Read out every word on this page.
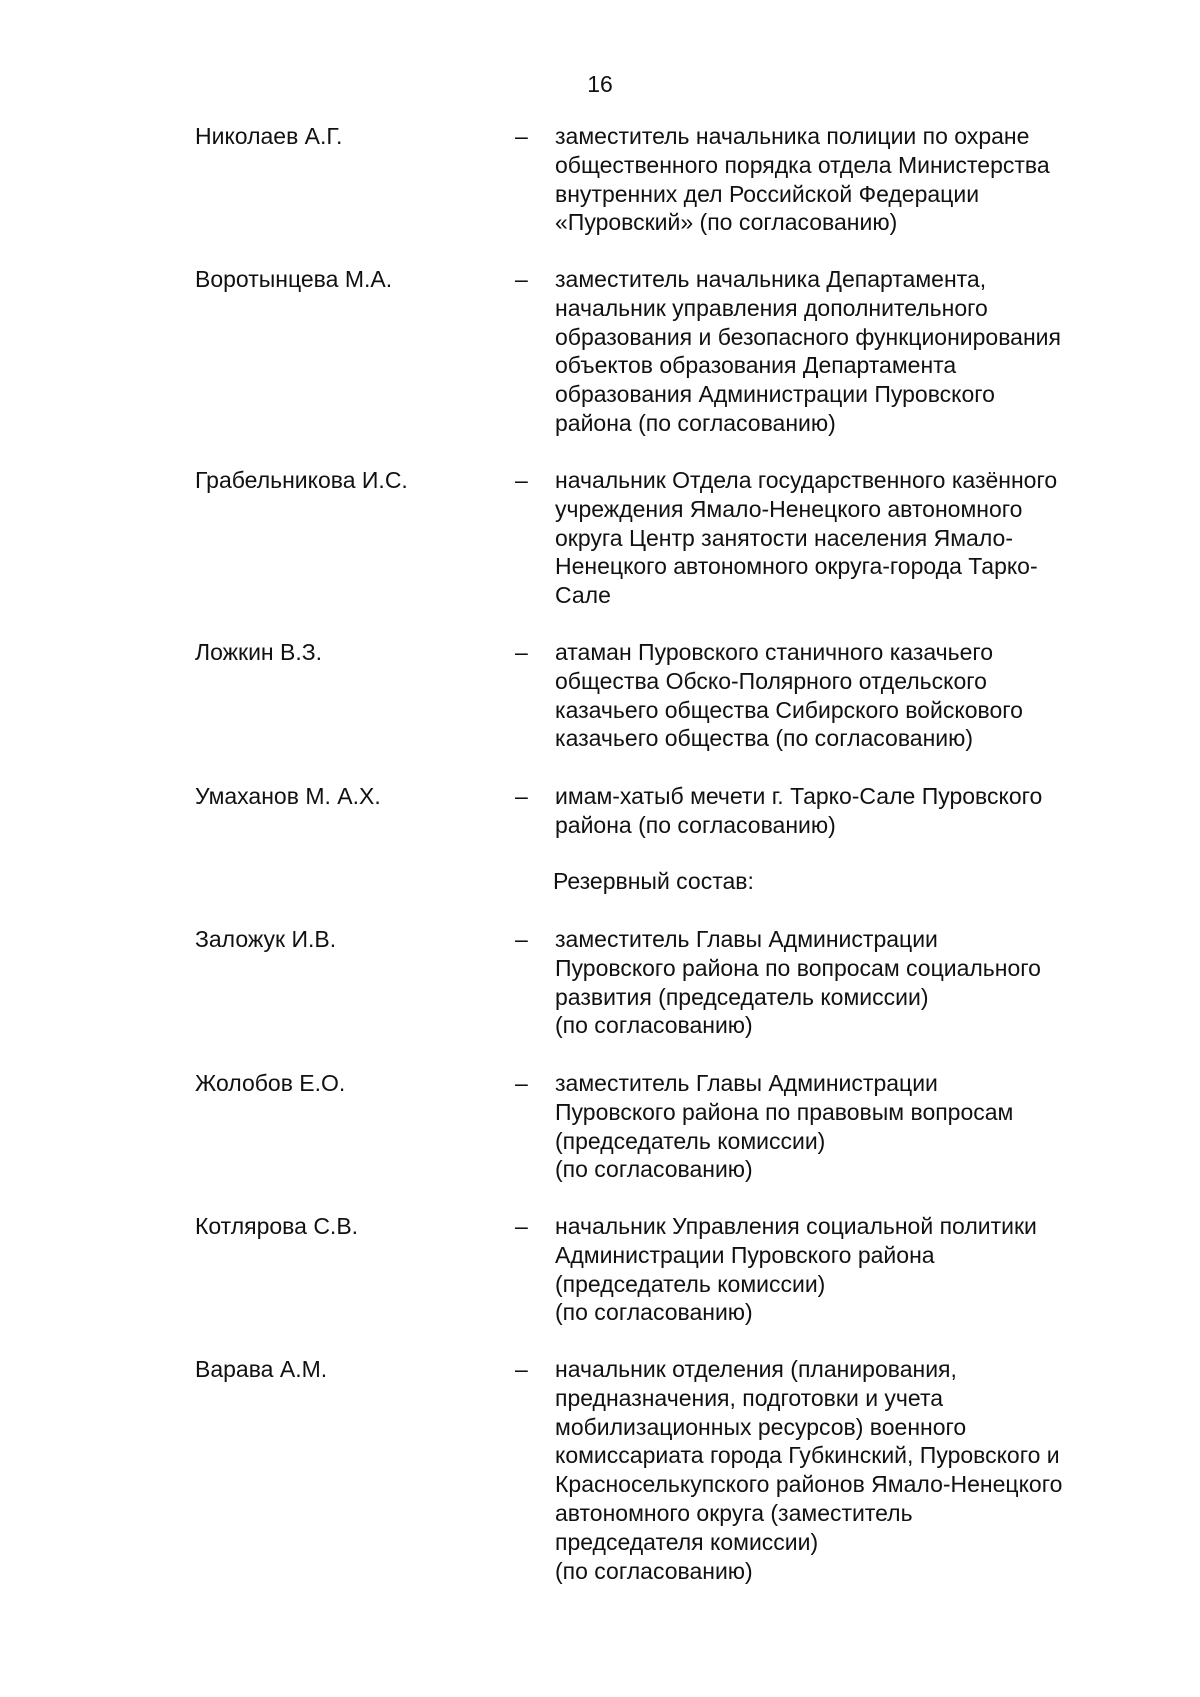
16
Николаев А.Г.	– заместитель начальника полиции по охране
общественного порядка отдела Министерства
внутренних дел Российской Федерации
«Пуровский» (по согласованию)
Воротынцева М.А.	– заместитель начальника Департамента,
начальник управления дополнительного
образования и безопасного функционирования
объектов образования Департамента
образования Администрации Пуровского
района (по согласованию)
Грабельникова И.С.	– начальник Отдела государственного казённого
учреждения Ямало-Ненецкого автономного
округа Центр занятости населения Ямало-
Ненецкого автономного округа-города Тарко-
Сале
Ложкин В.З.	– атаман Пуровского станичного казачьего
общества Обско-Полярного отдельского
казачьего общества Сибирского войскового
казачьего общества (по согласованию)
Умаханов М. А.Х.	– имам-хатыб мечети г. Тарко-Сале Пуровского
района (по согласованию)
Резервный состав:
Заложук И.В.	– заместитель Главы Администрации
Пуровского района по вопросам социального
развития (председатель комиссии)
(по согласованию)
Жолобов Е.О.	– заместитель Главы Администрации
Пуровского района по правовым вопросам
(председатель комиссии)
(по согласованию)
Котлярова С.В.	– начальник Управления социальной политики
Администрации Пуровского района
(председатель комиссии)
(по согласованию)
Варава А.М.	– начальник отделения (планирования,
предназначения, подготовки и учета
мобилизационных ресурсов) военного
комиссариата города Губкинский, Пуровского и
Красноселькупского районов Ямало-Ненецкого
автономного округа (заместитель
председателя комиссии)
(по согласованию)
